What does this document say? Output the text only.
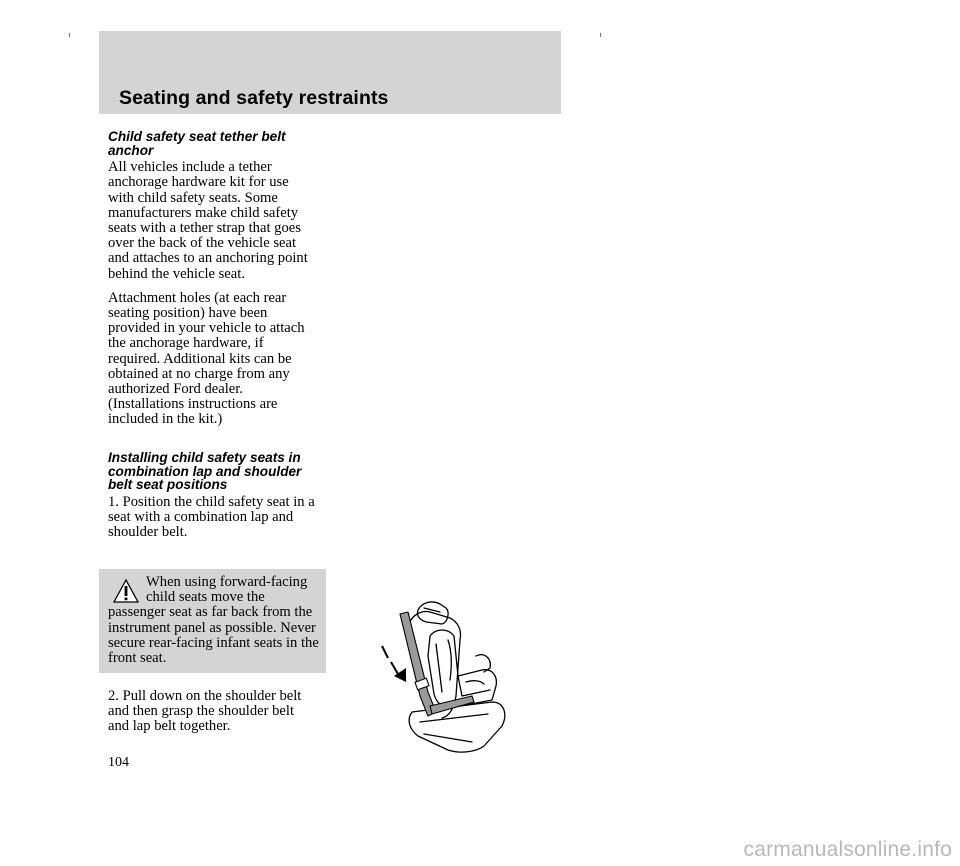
Seating and safety restraints

Child safety seat tether belt
anchor

All vehicles include a tether
anchorage hardware kit for use
with child safety seats. Some
manufacturers make child safety
seats with a tether strap that goes
over the back of the vehicle seat
and attaches to an anchoring point
behind the vehicle seat.

Attachment holes (at each rear
seating position) have been
provided in your vehicle to attach
the anchorage hardware, if
required. Additional kits can be
obtained at no charge from any
authorized Ford dealer.
(Installations instructions are
included in the kit.)

Installing child safety seats in
combination lap and shoulder
belt seat positions

1. Position the child safety seat in a
seat with a combination lap and
shoulder belt.

When using forward-facing child seats move the passenger seat as far back from the instrument panel as possible. Never secure rear-facing infant seats in the front seat.

2. Pull down on the shoulder belt
and then grasp the shoulder belt
and lap belt together.

104
carmanualsonline.info
